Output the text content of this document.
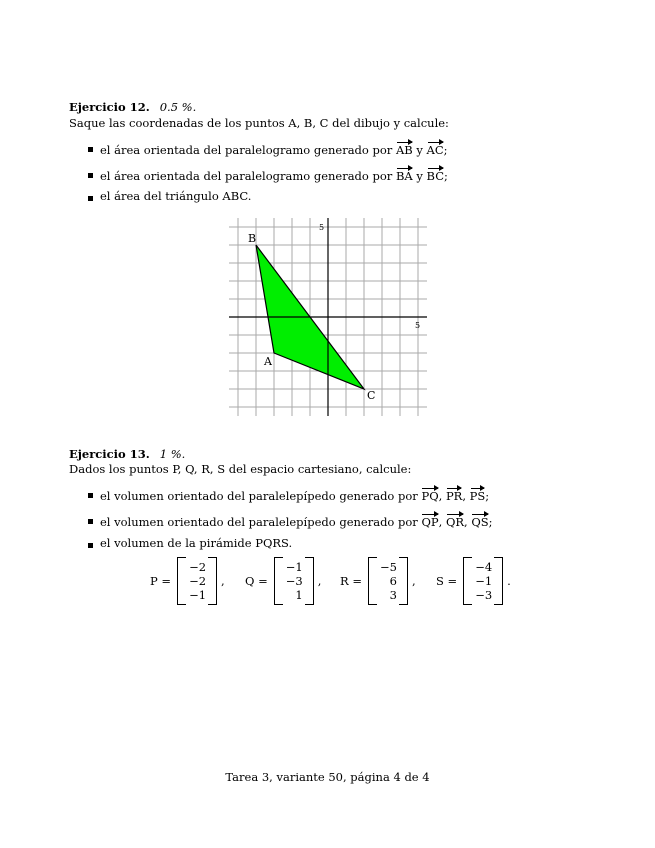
Ejercicio 12. 0.5 %.
Saque las coordenadas de los puntos A, B, C del dibujo y calcule:
el área orientada del paralelogramo generado por AB y AC;
el área orientada del paralelogramo generado por BA y BC;
el área del triángulo ABC.
5
5
A
B
C
Ejercicio 13. 1 %.
Dados los puntos P, Q, R, S del espacio cartesiano, calcule:
el volumen orientado del paralelepípedo generado por PQ, PR, PS;
el volumen orientado del paralelepípedo generado por QP, QR, QS;
el volumen de la pirámide PQRS.
P =
−2
−2
−1
, Q =
−1
−3
1
, R =
−5
6
3
, S =
−4
−1
−3
.
Tarea 3, variante 50, página 4 de 4
